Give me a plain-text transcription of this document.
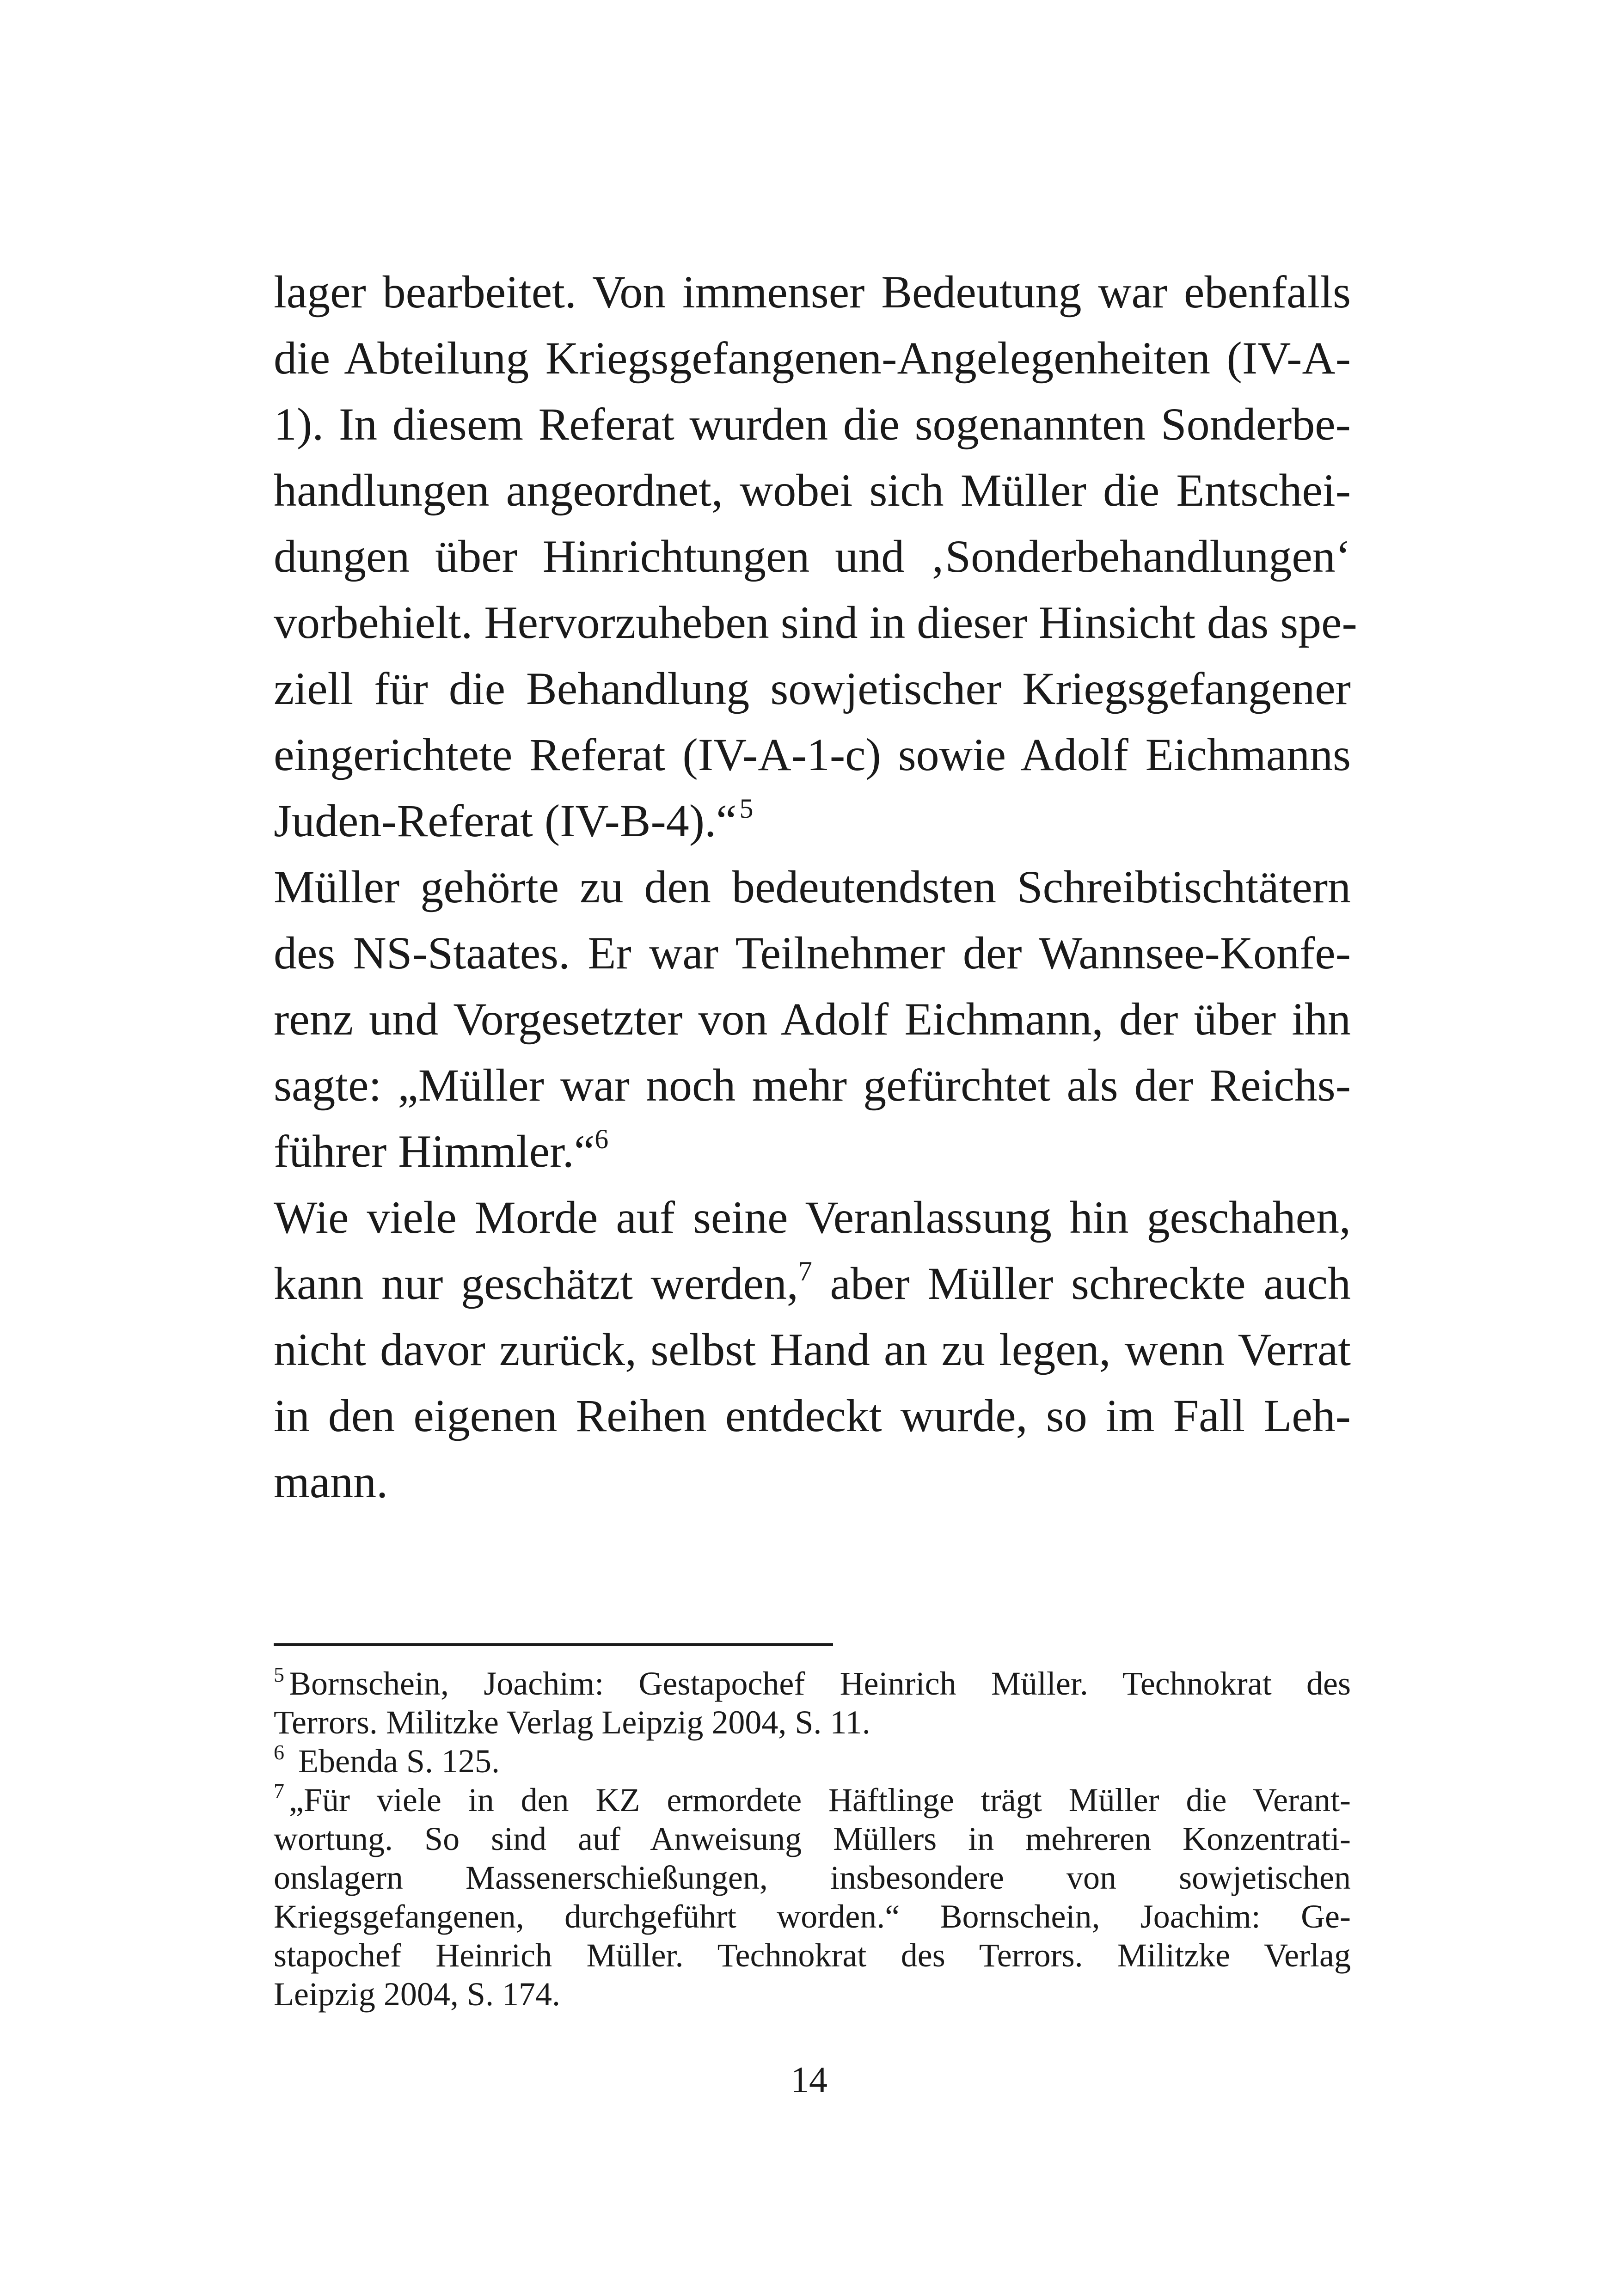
lager bearbeitet. Von immenser Bedeutung war ebenfalls
die Abteilung Kriegsgefangenen-Angelegenheiten (IV-A-
1). In diesem Referat wurden die sogenannten Sonderbe-
handlungen angeordnet, wobei sich Müller die Entschei-
dungen über Hinrichtungen und ‚Sonderbehandlungen‘
vorbehielt. Hervorzuheben sind in dieser Hinsicht das spe-
ziell für die Behandlung sowjetischer Kriegsgefangener
eingerichtete Referat (IV-A-1-c) sowie Adolf Eichmanns
Juden-Referat (IV-B-4).“ $^5$
Müller gehörte zu den bedeutendsten Schreibtischtätern
des NS-Staates. Er war Teilnehmer der Wannsee-Konfe-
renz und Vorgesetzter von Adolf Eichmann, der über ihn
sagte: „Müller war noch mehr gefürchtet als der Reichs-
führer Himmler.“$^6$
Wie viele Morde auf seine Veranlassung hin geschahen,
kann nur geschätzt werden,$^7$ aber Müller schreckte auch
nicht davor zurück, selbst Hand an zu legen, wenn Verrat
in den eigenen Reihen entdeckt wurde, so im Fall Leh-
mann.
$^5$ Bornschein, Joachim: Gestapochef Heinrich Müller. Technokrat des
Terrors. Militzke Verlag Leipzig 2004, S. 11.
$^6$ Ebenda S. 125.
$^7$ „Für viele in den KZ ermordete Häftlinge trägt Müller die Verant-
wortung. So sind auf Anweisung Müllers in mehreren Konzentrati-
onslagern Massenerschießungen, insbesondere von sowjetischen
Kriegsgefangenen, durchgeführt worden.“ Bornschein, Joachim: Ge-
stapochef Heinrich Müller. Technokrat des Terrors. Militzke Verlag
Leipzig 2004, S. 174.
14
